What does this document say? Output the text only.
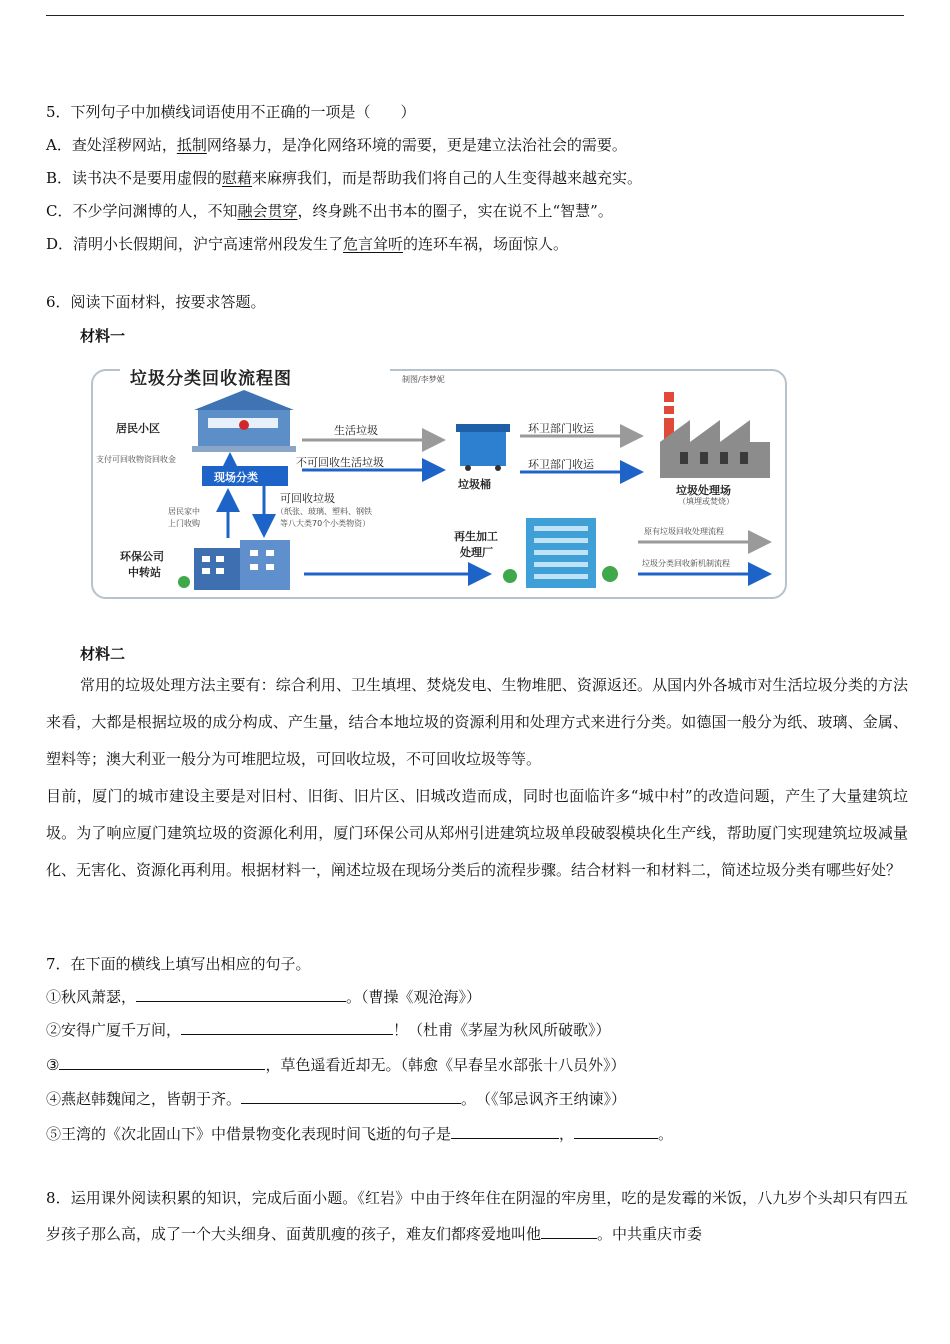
5．下列句子中加横线词语使用不正确的一项是（　　）
A．查处淫秽网站，抵制网络暴力，是净化网络环境的需要，更是建立法治社会的需要。
B．读书决不是要用虚假的慰藉来麻痹我们，而是帮助我们将自己的人生变得越来越充实。
C．不少学问渊博的人，不知融会贯穿，终身跳不出书本的圈子，实在说不上“智慧”。
D．清明小长假期间，沪宁高速常州段发生了危言耸听的连环车祸，场面惊人。
6．阅读下面材料，按要求答题。
材料一
垃圾分类回收流程图	制图/李梦妮
居民小区
支付可回收物资回收金
现场分类
居民家中
上门收购
生活垃圾
不可回收生活垃圾
垃圾桶
环卫部门收运
环卫部门收运
垃圾处理场
（填埋或焚烧）
可回收垃圾
（纸张、玻璃、塑料、钢铁
等八大类70个小类物资）
环保公司
中转站
再生加工
处理厂
原有垃圾回收处理流程
垃圾分类回收新机制流程
材料二

常用的垃圾处理方法主要有：综合利用、卫生填埋、焚烧发电、生物堆肥、资源返还。从国内外各城市对生活垃圾分类的方法来看，大都是根据垃圾的成分构成、产生量，结合本地垃圾的资源利用和处理方式来进行分类。如德国一般分为纸、玻璃、金属、塑料等；澳大利亚一般分为可堆肥垃圾，可回收垃圾，不可回收垃圾等等。

目前，厦门的城市建设主要是对旧村、旧街、旧片区、旧城改造而成，同时也面临许多“城中村”的改造问题，产生了大量建筑垃圾。为了响应厦门建筑垃圾的资源化利用，厦门环保公司从郑州引进建筑垃圾单段破裂模块化生产线，帮助厦门实现建筑垃圾减量化、无害化、资源化再利用。根据材料一，阐述垃圾在现场分类后的流程步骤。结合材料一和材料二，简述垃圾分类有哪些好处？

7．在下面的横线上填写出相应的句子。
①秋风萧瑟，	。（曹操《观沧海》）
②安得广厦千万间，	！（杜甫《茅屋为秋风所破歌》）
③	，草色遥看近却无。（韩愈《早春呈水部张十八员外》）
④燕赵韩魏闻之，皆朝于齐。	。　（《邹忌讽齐王纳谏》）
⑤王湾的《次北固山下》中借景物变化表现时间飞逝的句子是	，	。
8．运用课外阅读积累的知识，完成后面小题。《红岩》中由于终年住在阴湿的牢房里，吃的是发霉的米饭，八九岁个头却只有四五岁孩子那么高，成了一个大头细身、面黄肌瘦的孩子，难友们都疼爱地叫他	。中共重庆市委
